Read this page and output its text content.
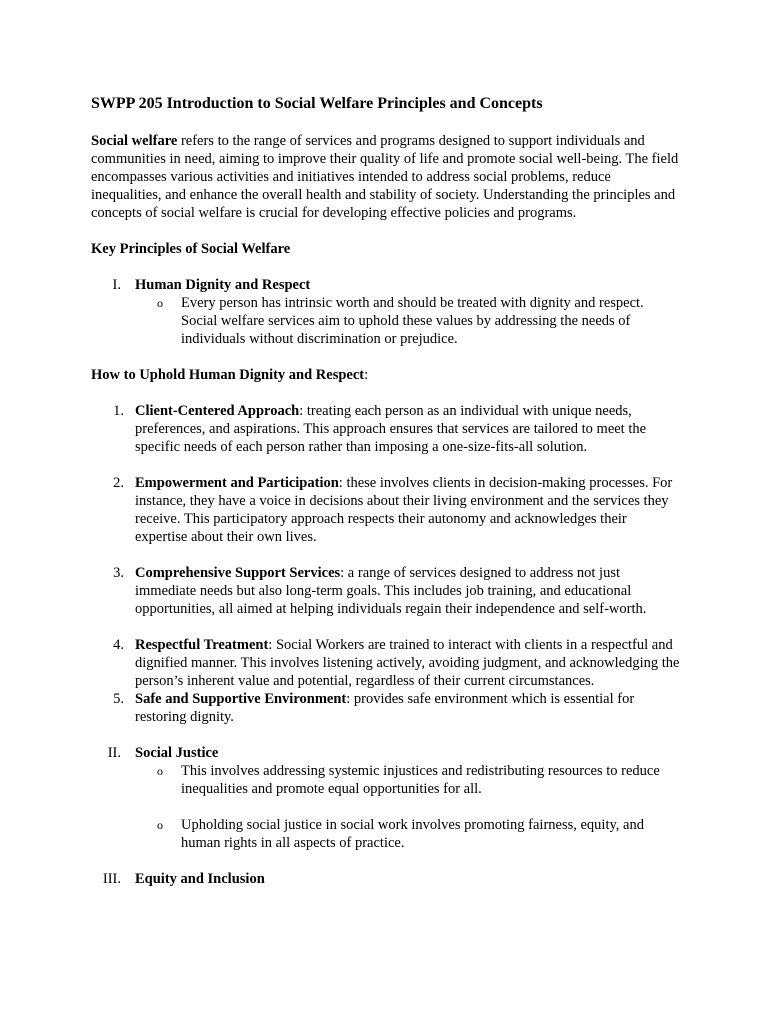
SWPP 205 Introduction to Social Welfare Principles and Concepts

Social welfare refers to the range of services and programs designed to support individuals and communities in need, aiming to improve their quality of life and promote social well-being. The field encompasses various activities and initiatives intended to address social problems, reduce inequalities, and enhance the overall health and stability of society. Understanding the principles and concepts of social welfare is crucial for developing effective policies and programs.

Key Principles of Social Welfare

I. Human Dignity and Respect
o Every person has intrinsic worth and should be treated with dignity and respect. Social welfare services aim to uphold these values by addressing the needs of individuals without discrimination or prejudice.

How to Uphold Human Dignity and Respect:

1. Client-Centered Approach: treating each person as an individual with unique needs, preferences, and aspirations. This approach ensures that services are tailored to meet the specific needs of each person rather than imposing a one-size-fits-all solution.
2. Empowerment and Participation: these involves clients in decision-making processes. For instance, they have a voice in decisions about their living environment and the services they receive. This participatory approach respects their autonomy and acknowledges their expertise about their own lives.
3. Comprehensive Support Services: a range of services designed to address not just immediate needs but also long-term goals. This includes job training, and educational opportunities, all aimed at helping individuals regain their independence and self-worth.
4. Respectful Treatment: Social Workers are trained to interact with clients in a respectful and dignified manner. This involves listening actively, avoiding judgment, and acknowledging the person’s inherent value and potential, regardless of their current circumstances.
5. Safe and Supportive Environment: provides safe environment which is essential for restoring dignity.
II. Social Justice
o This involves addressing systemic injustices and redistributing resources to reduce inequalities and promote equal opportunities for all.
o Upholding social justice in social work involves promoting fairness, equity, and human rights in all aspects of practice.
III. Equity and Inclusion
